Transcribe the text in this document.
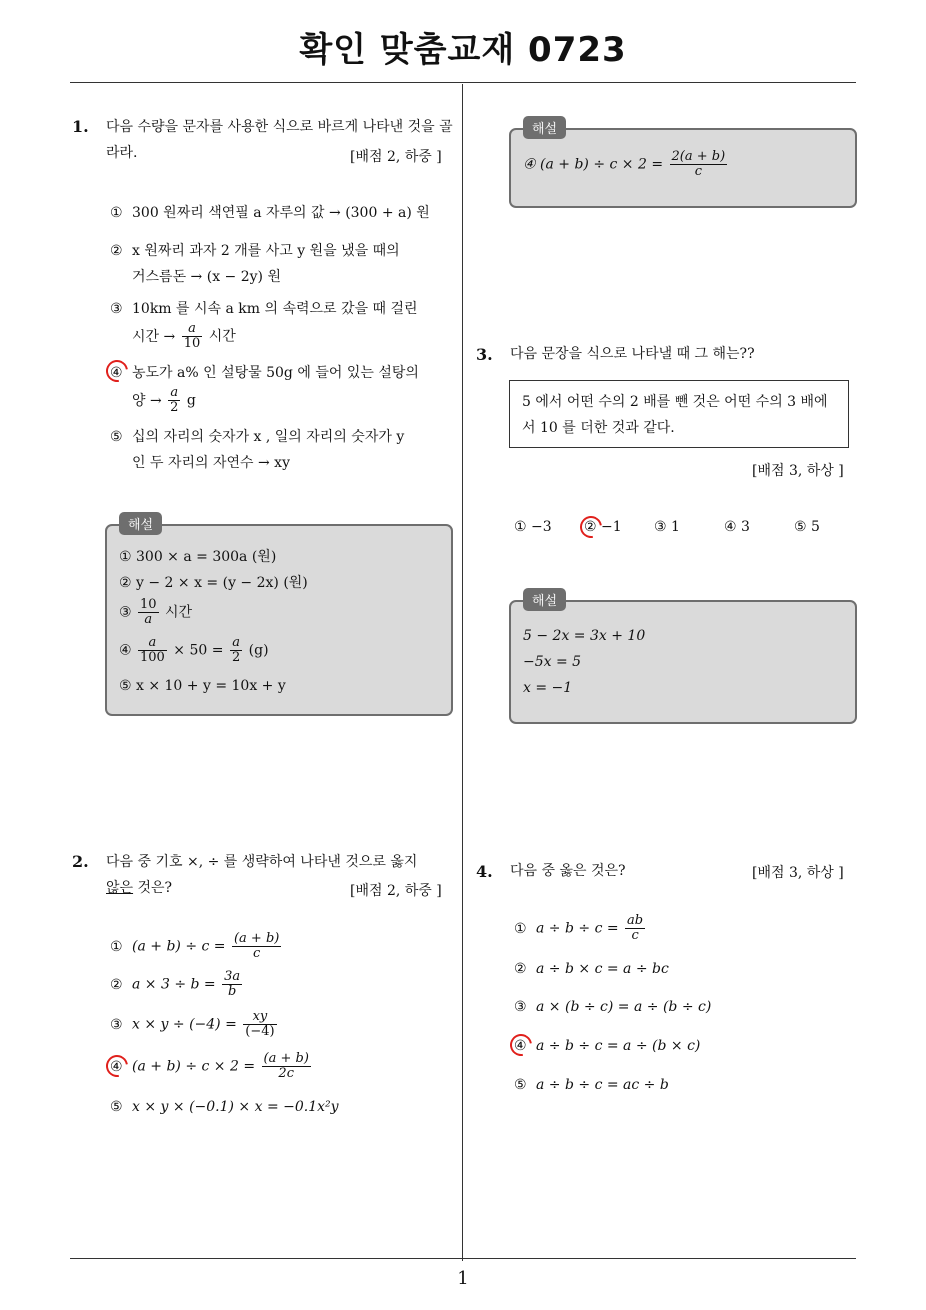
확인 맞춤교재 0723
1
1. 다음 수량을 문자를 사용한 식으로 바르게 나타낸 것을 골라라.	[배점 2, 하중 ]
① 300 원짜리 색연필 a 자루의 값 → (300 + a) 원
② x 원짜리 과자 2 개를 사고 y 원을 냈을 때의
거스름돈 → (x − 2y) 원
③ 10km 를 시속 a km 의 속력으로 갔을 때 걸린
시간 → $\frac{a}{10}$ 시간
④ 농도가 a% 인 설탕물 50g 에 들어 있는 설탕의
양 → $\frac{a}{2}$ g
⑤ 십의 자리의 숫자가 x , 일의 자리의 숫자가 y
인 두 자리의 자연수 → xy
해설
① 300 × a = 300a (원)
② y − 2 × x = (y − 2x) (원)
③ $\frac{10}{a}$ 시간
④ $\frac{a}{100} \times 50 = \frac{a}{2} (g)$
⑤ x × 10 + y = 10x + y
2. 다음 중 기호 ×, ÷ 를 생략하여 나타낸 것으로 옳지
않은 것은?	[배점 2, 하중 ]
① $(a + b) \div c = \frac{(a + b)}{c}$
② $a \times 3 \div b = \frac{3a}{b}$
③ $x \times y \div (-4) = \frac{xy}{(-4)}$
④ $(a + b) \div c \times 2 = \frac{(a + b)}{2c}$
⑤ x × y × (−0.1) × x = −0.1x²y
해설
④ $(a + b) \div c \times 2 = \frac{2(a + b)}{c}$
3. 다음 문장을 식으로 나타낼 때 그 해는??
5 에서 어떤 수의 2 배를 뺀 것은 어떤 수의 3 배에서 10 를 더한 것과 같다.
[배점 3, 하상 ]
① −3 ② −1 ③ 1	④ 3	⑤ 5
해설
5 − 2x = 3x + 10
−5x = 5
x = −1
4. 다음 중 옳은 것은?	[배점 3, 하상 ]
① $a \div b \div c = \frac{ab}{c}$
② a ÷ b × c = a ÷ bc
③ a × (b ÷ c) = a ÷ (b ÷ c)
④ a ÷ b ÷ c = a ÷ (b × c)
⑤ a ÷ b ÷ c = ac ÷ b
